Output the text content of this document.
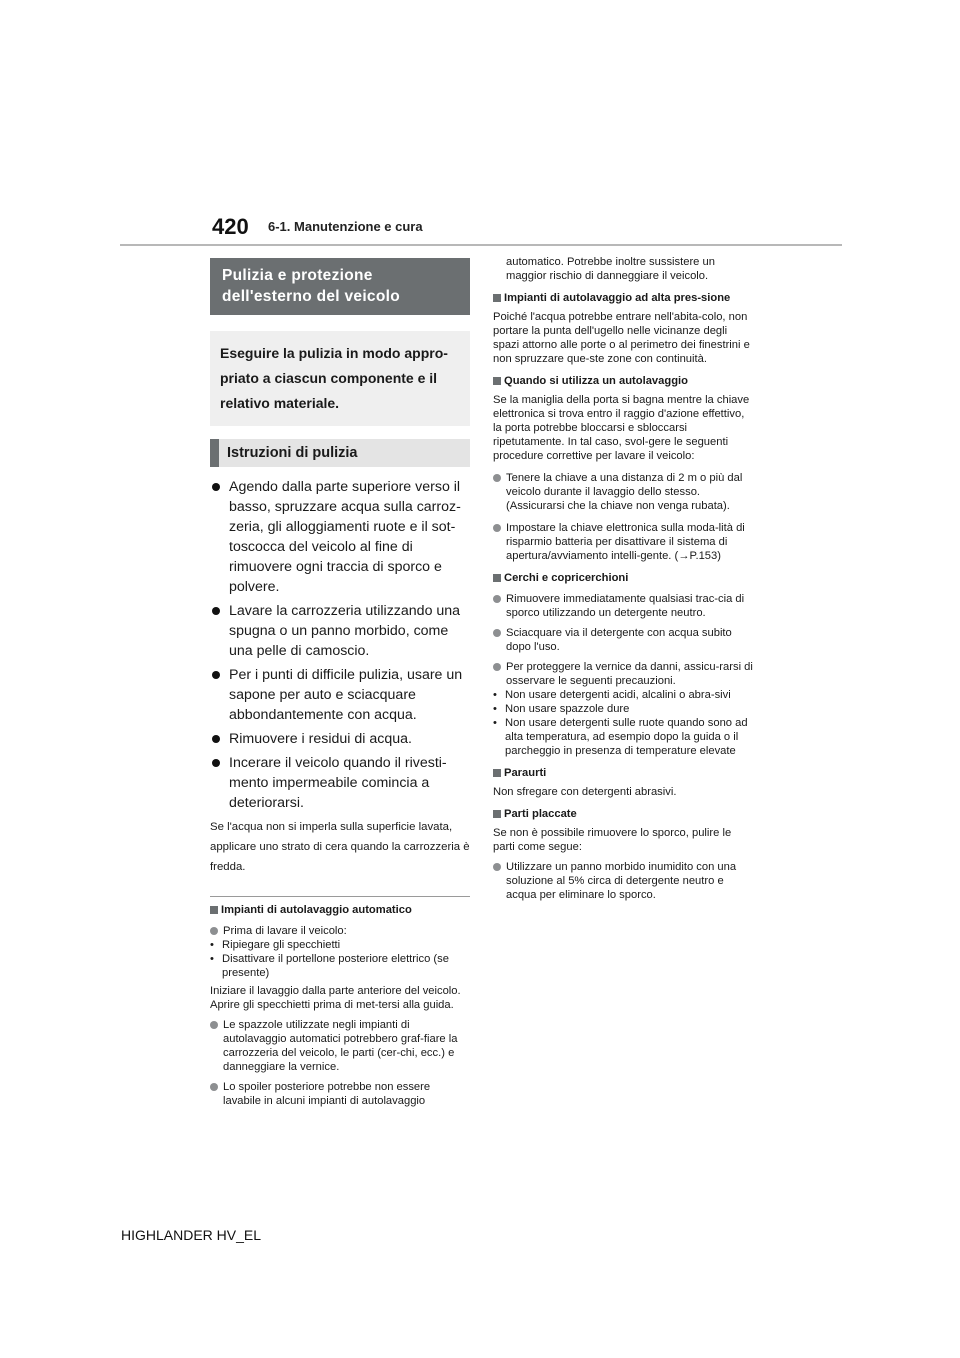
420 6-1. Manutenzione e cura
Pulizia e protezione dell'esterno del veicolo
Eseguire la pulizia in modo appro-priato a ciascun componente e il relativo materiale.
Istruzioni di pulizia
Agendo dalla parte superiore verso il basso, spruzzare acqua sulla carroz-zeria, gli alloggiamenti ruote e il sot-toscocca del veicolo al fine di rimuovere ogni traccia di sporco e polvere.
Lavare la carrozzeria utilizzando una spugna o un panno morbido, come una pelle di camoscio.
Per i punti di difficile pulizia, usare un sapone per auto e sciacquare abbondantemente con acqua.
Rimuovere i residui di acqua.
Incerare il veicolo quando il rivesti-mento impermeabile comincia a deteriorarsi.
Se l'acqua non si imperla sulla superficie lavata, applicare uno strato di cera quando la carrozzeria è fredda.
Impianti di autolavaggio automatico
Prima di lavare il veicolo:
• Ripiegare gli specchietti
• Disattivare il portellone posteriore elettrico (se presente)
Iniziare il lavaggio dalla parte anteriore del veicolo. Aprire gli specchietti prima di met-tersi alla guida.
Le spazzole utilizzate negli impianti di autolavaggio automatici potrebbero graf-fiare la carrozzeria del veicolo, le parti (cer-chi, ecc.) e danneggiare la vernice.
Lo spoiler posteriore potrebbe non essere lavabile in alcuni impianti di autolavaggio
automatico. Potrebbe inoltre sussistere un maggior rischio di danneggiare il veicolo.
Impianti di autolavaggio ad alta pres-sione
Poiché l'acqua potrebbe entrare nell'abita-colo, non portare la punta dell'ugello nelle vicinanze degli spazi attorno alle porte o al perimetro dei finestrini e non spruzzare que-ste zone con continuità.
Quando si utilizza un autolavaggio
Se la maniglia della porta si bagna mentre la chiave elettronica si trova entro il raggio d'azione effettivo, la porta potrebbe bloccarsi e sbloccarsi ripetutamente. In tal caso, svol-gere le seguenti procedure correttive per lavare il veicolo:
Tenere la chiave a una distanza di 2 m o più dal veicolo durante il lavaggio dello stesso. (Assicurarsi che la chiave non venga rubata).
Impostare la chiave elettronica sulla moda-lità di risparmio batteria per disattivare il sistema di apertura/avviamento intelli-gente. (→P.153)
Cerchi e copricerchioni
Rimuovere immediatamente qualsiasi trac-cia di sporco utilizzando un detergente neutro.
Sciacquare via il detergente con acqua subito dopo l'uso.
Per proteggere la vernice da danni, assicu-rarsi di osservare le seguenti precauzioni.
• Non usare detergenti acidi, alcalini o abra-sivi
• Non usare spazzole dure
• Non usare detergenti sulle ruote quando sono ad alta temperatura, ad esempio dopo la guida o il parcheggio in presenza di temperature elevate
Paraurti
Non sfregare con detergenti abrasivi.
Parti placcate
Se non è possibile rimuovere lo sporco, pulire le parti come segue:
Utilizzare un panno morbido inumidito con una soluzione al 5% circa di detergente neutro e acqua per eliminare lo sporco.
HIGHLANDER HV_EL
